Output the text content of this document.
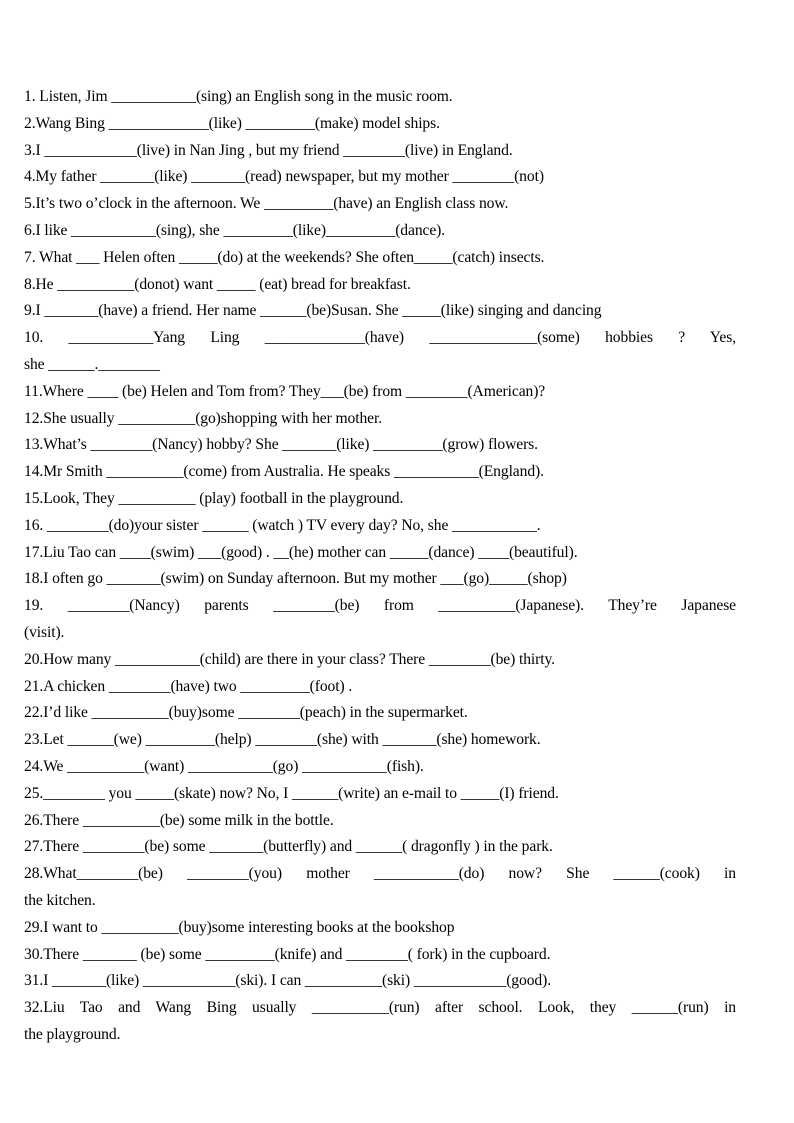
1. Listen, Jim ___________(sing) an English song in the music room.
2.Wang Bing _____________(like) _________(make) model ships.
3.I ____________(live) in Nan Jing , but my friend ________(live) in England.
4.My father _______(like) _______(read) newspaper, but my mother ________(not)
5.It’s two o’clock in the afternoon. We _________(have) an English class now.
6.I like ___________(sing), she _________(like)_________(dance).
7. What ___ Helen often _____(do) at the weekends? She often_____(catch) insects.
8.He __________(donot) want _____ (eat) bread for breakfast.
9.I _______(have) a friend. Her name ______(be)Susan. She _____(like) singing and dancing
10. ___________Yang Ling _____________(have) ______________(some) hobbies ? Yes,
she ______.________
11.Where ____ (be) Helen and Tom from? They___(be) from ________(American)?
12.She usually __________(go)shopping with her mother.
13.What’s ________(Nancy) hobby? She _______(like) _________(grow) flowers.
14.Mr Smith __________(come) from Australia. He speaks ___________(England).
15.Look, They __________ (play) football in the playground.
16. ________(do)your sister ______ (watch ) TV every day? No, she ___________.
17.Liu Tao can ____(swim) ___(good) . __(he) mother can _____(dance) ____(beautiful).
18.I often go _______(swim) on Sunday afternoon. But my mother ___(go)_____(shop)
19. ________(Nancy) parents ________(be) from __________(Japanese). They’re Japanese
(visit).
20.How many ___________(child) are there in your class? There ________(be) thirty.
21.A chicken ________(have) two _________(foot) .
22.I’d like __________(buy)some ________(peach) in the supermarket.
23.Let ______(we) _________(help) ________(she) with _______(she) homework.
24.We __________(want) ___________(go) ___________(fish).
25.________ you _____(skate) now? No, I ______(write) an e-mail to _____(I) friend.
26.There __________(be) some milk in the bottle.
27.There ________(be) some _______(butterfly) and ______( dragonfly ) in the park.
28.What________(be) ________(you) mother ___________(do) now? She ______(cook) in
the kitchen.
29.I want to __________(buy)some interesting books at the bookshop
30.There _______ (be) some _________(knife) and ________( fork) in the cupboard.
31.I _______(like) ____________(ski). I can __________(ski) ____________(good).
32.Liu Tao and Wang Bing usually __________(run) after school. Look, they ______(run) in
the playground.
